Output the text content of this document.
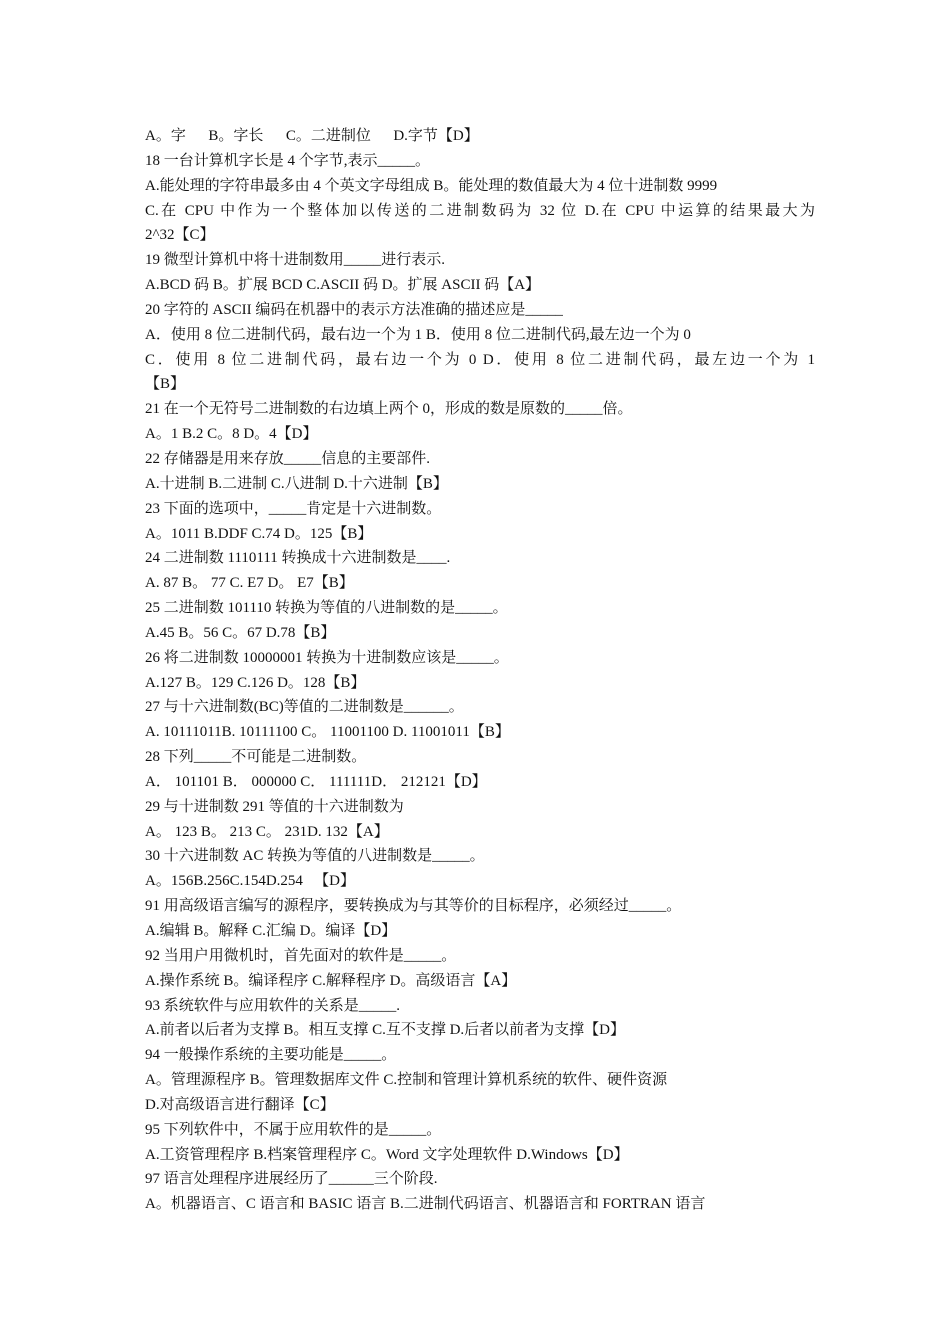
A。字      B。字长      C。二进制位      D.字节【D】
18 一台计算机字长是 4 个字节,表示_____。
A.能处理的字符串最多由 4 个英文字母组成 B。能处理的数值最大为 4 位十进制数 9999
C.在 CPU 中作为一个整体加以传送的二进制数码为 32 位 D.在 CPU 中运算的结果最大为
2^32【C】
19 微型计算机中将十进制数用_____进行表示.
A.BCD 码 B。扩展 BCD C.ASCII 码 D。扩展 ASCII 码【A】
20 字符的 ASCII 编码在机器中的表示方法准确的描述应是_____
A．使用 8 位二进制代码，最右边一个为 1 B．使用 8 位二进制代码,最左边一个为 0
C．使用 8 位二进制代码，最右边一个为 0 D．使用 8 位二进制代码，最左边一个为 1
【B】
21 在一个无符号二进制数的右边填上两个 0，形成的数是原数的_____倍。
A。1 B.2 C。8 D。4【D】
22 存储器是用来存放_____信息的主要部件.
A.十进制 B.二进制 C.八进制 D.十六进制【B】
23 下面的选项中，_____肯定是十六进制数。
A。1011 B.DDF C.74 D。125【B】
24 二进制数 1110111 转换成十六进制数是____.
A. 87 B。 77 C. E7 D。 E7【B】
25 二进制数 101110 转换为等值的八进制数的是_____。
A.45 B。56 C。67 D.78【B】
26 将二进制数 10000001 转换为十进制数应该是_____。
A.127 B。129 C.126 D。128【B】
27 与十六进制数(BC)等值的二进制数是______。
A. 10111011B. 10111100 C。 11001100 D. 11001011【B】
28 下列_____不可能是二进制数。
A． 101101 B． 000000 C． 111111D． 212121【D】
29 与十进制数 291 等值的十六进制数为
A。 123 B。 213 C。 231D. 132【A】
30 十六进制数 AC 转换为等值的八进制数是_____。
A。156B.256C.154D.254   【D】
91 用高级语言编写的源程序，要转换成为与其等价的目标程序，必须经过_____。
A.编辑 B。解释 C.汇编 D。编译【D】
92 当用户用微机时，首先面对的软件是_____。
A.操作系统 B。编译程序 C.解释程序 D。高级语言【A】
93 系统软件与应用软件的关系是_____.
A.前者以后者为支撑 B。相互支撑 C.互不支撑 D.后者以前者为支撑【D】
94 一般操作系统的主要功能是_____。
A。管理源程序 B。管理数据库文件 C.控制和管理计算机系统的软件、硬件资源
D.对高级语言进行翻译【C】
95 下列软件中，不属于应用软件的是_____。
A.工资管理程序 B.档案管理程序 C。Word 文字处理软件 D.Windows【D】
97 语言处理程序进展经历了______三个阶段.
A。机器语言、C 语言和 BASIC 语言 B.二进制代码语言、机器语言和 FORTRAN 语言
